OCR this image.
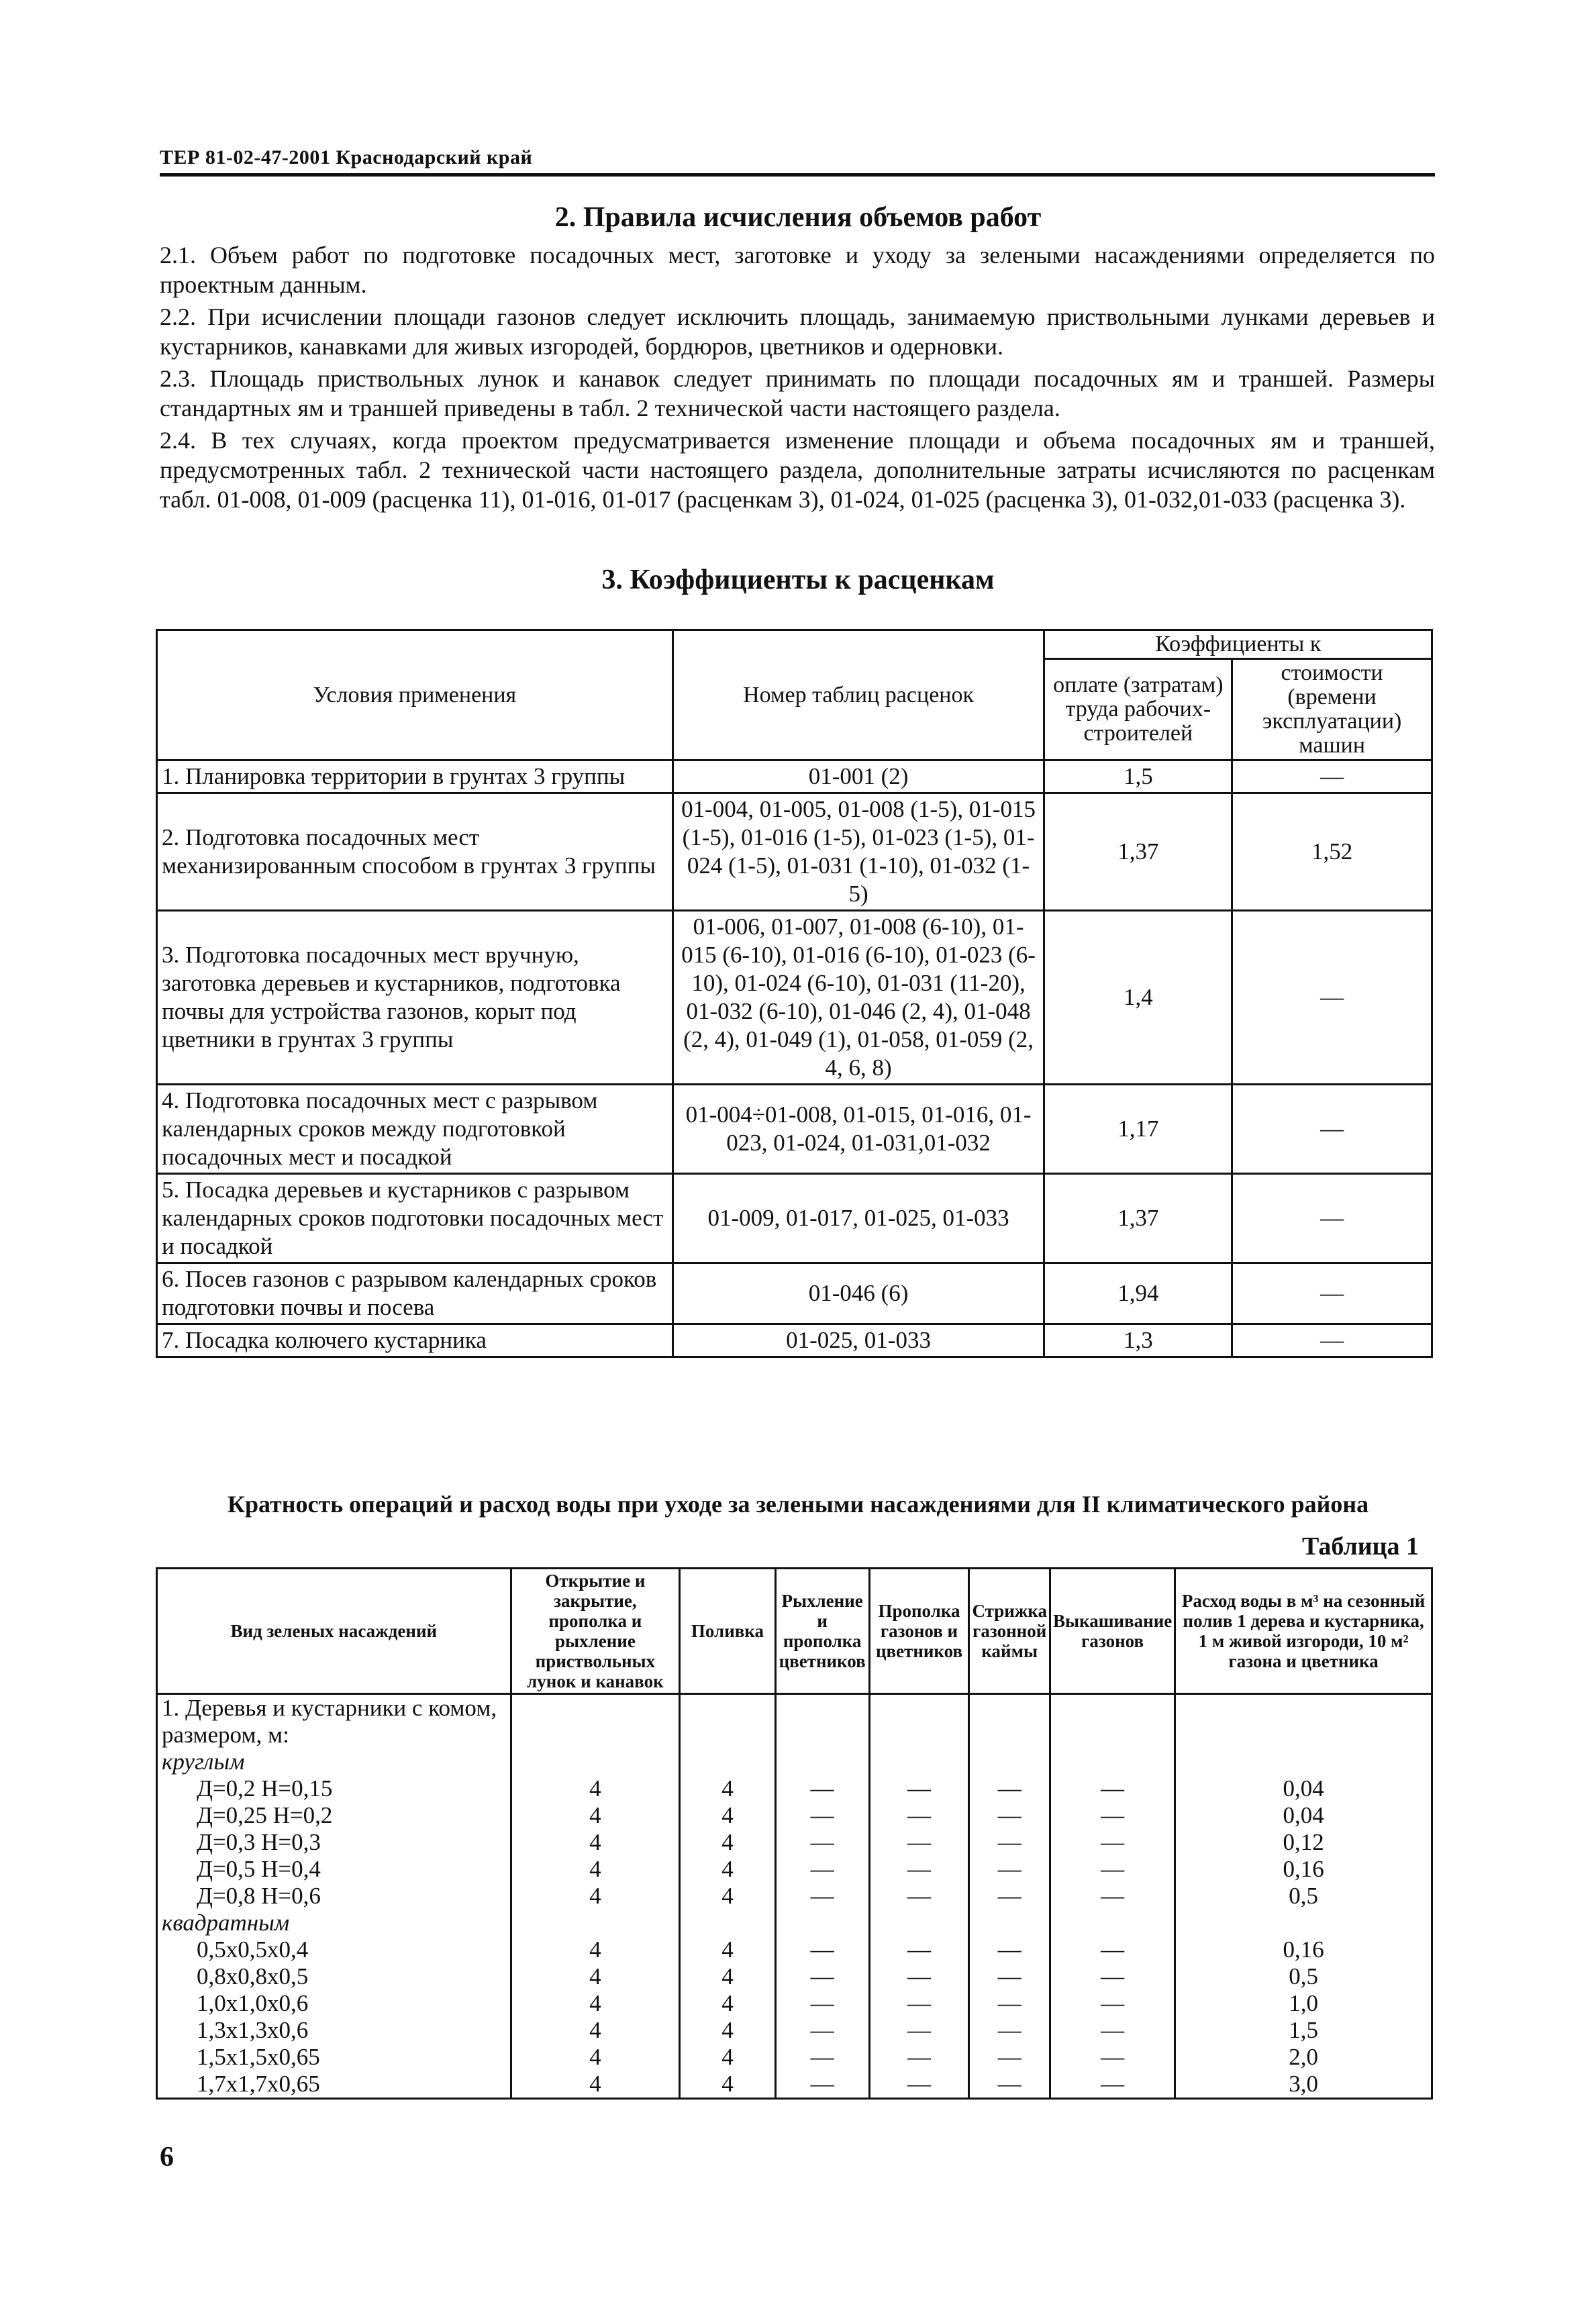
ТЕР 81-02-47-2001 Краснодарский край
2. Правила исчисления объемов работ

2.1. Объем работ по подготовке посадочных мест, заготовке и уходу за зелеными насаждениями определяется по проектным данным.

2.2. При исчислении площади газонов следует исключить площадь, занимаемую приствольными лунками деревьев и кустарников, канавками для живых изгородей, бордюров, цветников и одерновки.

2.3. Площадь приствольных лунок и канавок следует принимать по площади посадочных ям и траншей. Размеры стандартных ям и траншей приведены в табл. 2 технической части настоящего раздела.

2.4. В тех случаях, когда проектом предусматривается изменение площади и объема посадочных ям и траншей, предусмотренных табл. 2 технической части настоящего раздела, дополнительные затраты исчисляются по расценкам табл. 01-008, 01-009 (расценка 11), 01-016, 01-017 (расценкам 3), 01-024, 01-025 (расценка 3), 01-032,01-033 (расценка 3).

3. Коэффициенты к расценкам
Условия применения	Номер таблиц расценок	Коэффициенты к	
		оплате (затратам) труда рабочих-строителей	стоимости (времени эксплуатации) машин
1. Планировка территории в грунтах 3 группы	01-001 (2)	1,5	—
2. Подготовка посадочных мест механизированным способом в грунтах 3 группы	01-004, 01-005, 01-008 (1-5), 01-015 (1-5), 01-016 (1-5), 01-023 (1-5), 01-024 (1-5), 01-031 (1-10), 01-032 (1-5)	1,37	1,52
3. Подготовка посадочных мест вручную, заготовка деревьев и кустарников, подготовка почвы для устройства газонов, корыт под цветники в грунтах 3 группы	01-006, 01-007, 01-008 (6-10), 01-015 (6-10), 01-016 (6-10), 01-023 (6-10), 01-024 (6-10), 01-031 (11-20), 01-032 (6-10), 01-046 (2, 4), 01-048 (2, 4), 01-049 (1), 01-058, 01-059 (2, 4, 6, 8)	1,4	—
4. Подготовка посадочных мест с разрывом календарных сроков между подготовкой посадочных мест и посадкой	01-004÷01-008, 01-015, 01-016, 01-023, 01-024, 01-031,01-032	1,17	—
5. Посадка деревьев и кустарников с разрывом календарных сроков подготовки посадочных мест и посадкой	01-009, 01-017, 01-025, 01-033	1,37	—
6. Посев газонов с разрывом календарных сроков подготовки почвы и посева	01-046 (6)	1,94	—
7. Посадка колючего кустарника	01-025, 01-033	1,3	—
Кратность операций и расход воды при уходе за зелеными насаждениями для II климатического района
Таблица 1
Вид зеленых насаждений	Открытие и закрытие, прополка и рыхление приствольных лунок и канавок	Поливка	Рыхление и прополка цветников	Прополка газонов и цветников	Стрижка газонной каймы	Выкашивание газонов	Расход воды в м³ на сезонный полив 1 дерева и кустарника, 1 м живой изгороди, 10 м² газона и цветника
1. Деревья и кустарники с комом, размером, м:							
круглым							
Д=0,2 Н=0,15	4	4	—	—	—	—	0,04
Д=0,25 Н=0,2	4	4	—	—	—	—	0,04
Д=0,3 Н=0,3	4	4	—	—	—	—	0,12
Д=0,5 Н=0,4	4	4	—	—	—	—	0,16
Д=0,8 Н=0,6	4	4	—	—	—	—	0,5
квадратным							
0,5х0,5х0,4	4	4	—	—	—	—	0,16
0,8х0,8х0,5	4	4	—	—	—	—	0,5
1,0х1,0х0,6	4	4	—	—	—	—	1,0
1,3х1,3х0,6	4	4	—	—	—	—	1,5
1,5х1,5х0,65	4	4	—	—	—	—	2,0
1,7х1,7х0,65	4	4	—	—	—	—	3,0
6
